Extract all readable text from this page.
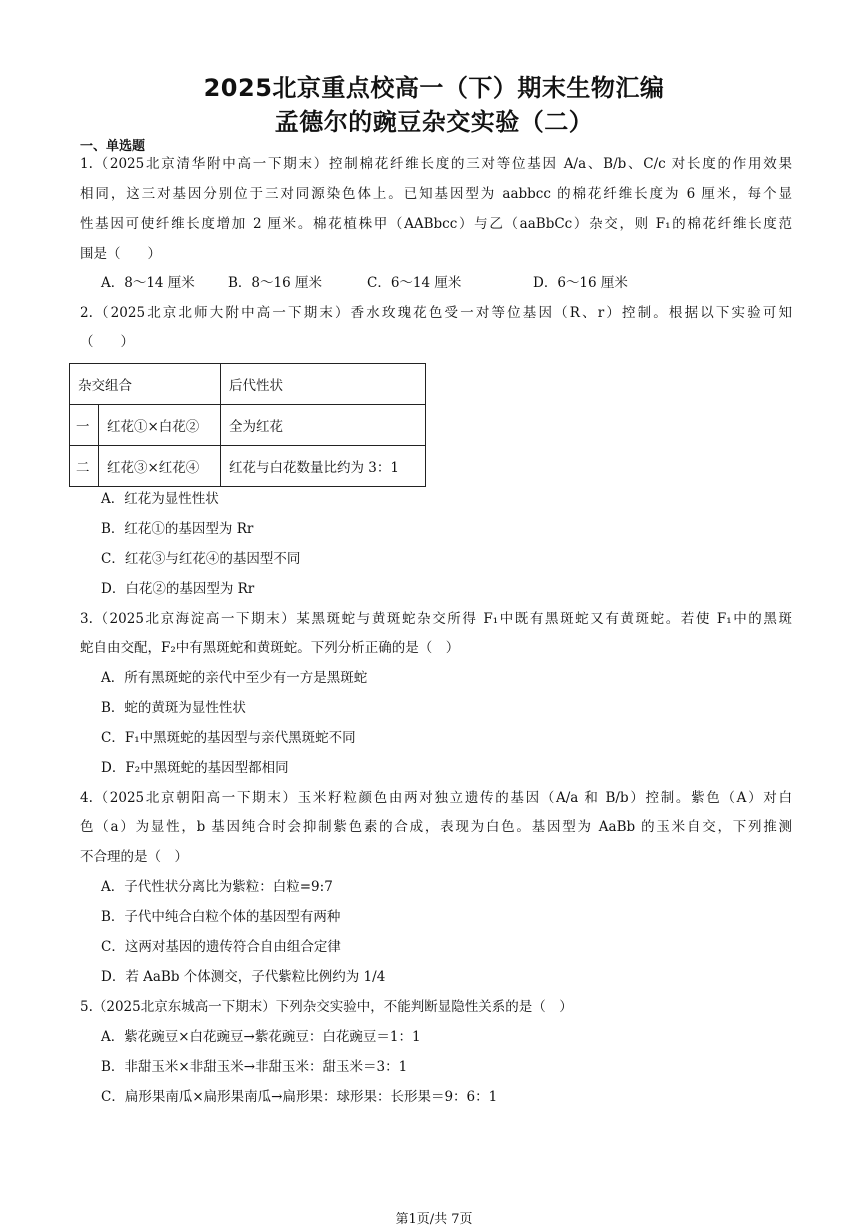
2025北京重点校高一（下）期末生物汇编
孟德尔的豌豆杂交实验（二）
一、单选题
1.（2025北京清华附中高一下期末）控制棉花纤维长度的三对等位基因 A/a、B/b、C/c 对长度的作用效果
相同，这三对基因分别位于三对同源染色体上。已知基因型为 aabbcc 的棉花纤维长度为 6 厘米，每个显
性基因可使纤维长度增加 2 厘米。棉花植株甲（AABbcc）与乙（aaBbCc）杂交，则 F₁的棉花纤维长度范
围是（　　）
A．8～14 厘米 B．8～16 厘米	C．6～14 厘米	D．6～16 厘米
2.（2025北京北师大附中高一下期末）香水玫瑰花色受一对等位基因（R、r）控制。根据以下实验可知
（　　）
杂交组合		后代性状
一	红花①×白花②	全为红花
二	红花③×红花④	红花与白花数量比约为 3：1
A．红花为显性性状
B．红花①的基因型为 Rr
C．红花③与红花④的基因型不同
D．白花②的基因型为 Rr
3.（2025北京海淀高一下期末）某黑斑蛇与黄斑蛇杂交所得 F₁中既有黑斑蛇又有黄斑蛇。若使 F₁中的黑斑
蛇自由交配，F₂中有黑斑蛇和黄斑蛇。下列分析正确的是（　）
A．所有黑斑蛇的亲代中至少有一方是黑斑蛇
B．蛇的黄斑为显性性状
C．F₁中黑斑蛇的基因型与亲代黑斑蛇不同
D．F₂中黑斑蛇的基因型都相同
4.（2025北京朝阳高一下期末）玉米籽粒颜色由两对独立遗传的基因（A/a 和 B/b）控制。紫色（A）对白
色（a）为显性，b 基因纯合时会抑制紫色素的合成，表现为白色。基因型为 AaBb 的玉米自交，下列推测
不合理的是（　）
A．子代性状分离比为紫粒：白粒=9:7
B．子代中纯合白粒个体的基因型有两种
C．这两对基因的遗传符合自由组合定律
D．若 AaBb 个体测交，子代紫粒比例约为 1/4
5.（2025北京东城高一下期末）下列杂交实验中，不能判断显隐性关系的是（　）
A．紫花豌豆×白花豌豆→紫花豌豆：白花豌豆＝1：1
B．非甜玉米×非甜玉米→非甜玉米：甜玉米＝3：1
C．扁形果南瓜×扁形果南瓜→扁形果：球形果：长形果＝9：6：1
第1页/共 7页
